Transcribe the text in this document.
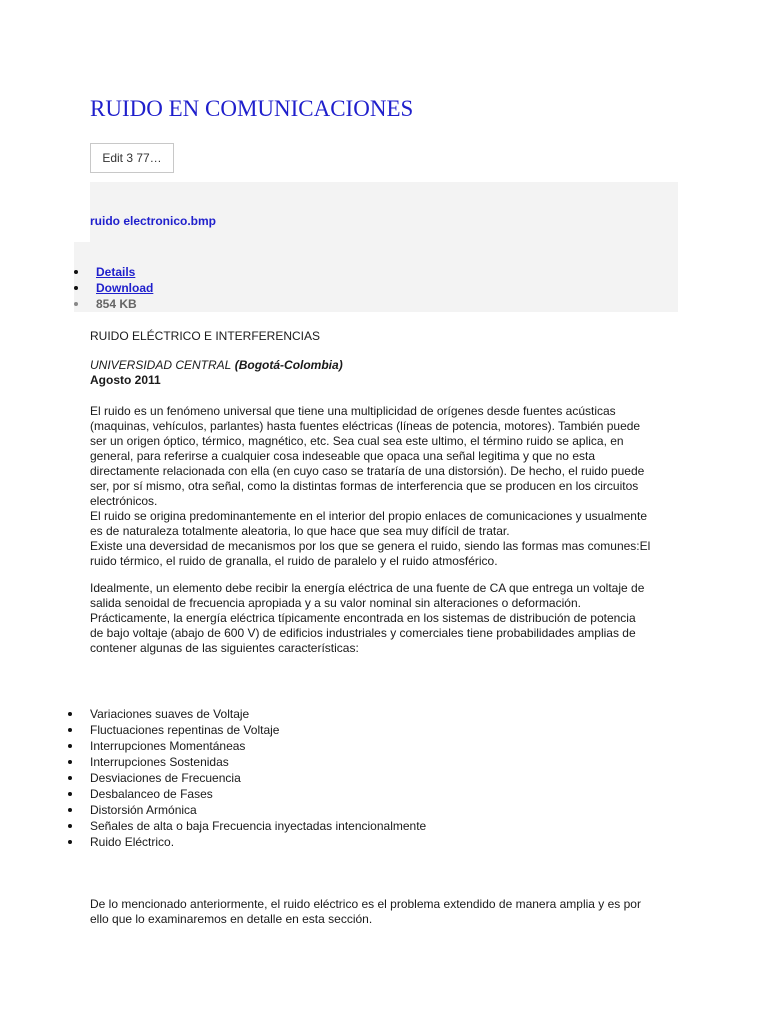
RUIDO EN COMUNICACIONES
Edit 3 77…
ruido electronico.bmp
Details
Download
854 KB

RUIDO ELÉCTRICO E INTERFERENCIAS

UNIVERSIDAD CENTRAL (Bogotá-Colombia)
Agosto 2011

El ruido es un fenómeno universal que tiene una multiplicidad de orígenes desde fuentes acústicas
(maquinas, vehículos, parlantes) hasta fuentes eléctricas (líneas de potencia, motores). También puede
ser un origen óptico, térmico, magnético, etc. Sea cual sea este ultimo, el término ruido se aplica, en
general, para referirse a cualquier cosa indeseable que opaca una señal legitima y que no esta
directamente relacionada con ella (en cuyo caso se trataría de una distorsión). De hecho, el ruido puede
ser, por sí mismo, otra señal, como la distintas formas de interferencia que se producen en los circuitos
electrónicos.
El ruido se origina predominantemente en el interior del propio enlaces de comunicaciones y usualmente
es de naturaleza totalmente aleatoria, lo que hace que sea muy difícil de tratar.
Existe una deversidad de mecanismos por los que se genera el ruido, siendo las formas mas comunes:El
ruido térmico, el ruido de granalla, el ruido de paralelo y el ruido atmosférico.

Idealmente, un elemento debe recibir la energía eléctrica de una fuente de CA que entrega un voltaje de
salida senoidal de frecuencia apropiada y a su valor nominal sin alteraciones o deformación.
Prácticamente, la energía eléctrica típicamente encontrada en los sistemas de distribución de potencia
de bajo voltaje (abajo de 600 V) de edificios industriales y comerciales tiene probabilidades amplias de
contener algunas de las siguientes características:

Variaciones suaves de Voltaje
Fluctuaciones repentinas de Voltaje
Interrupciones Momentáneas
Interrupciones Sostenidas
Desviaciones de Frecuencia
Desbalanceo de Fases
Distorsión Armónica
Señales de alta o baja Frecuencia inyectadas intencionalmente
Ruido Eléctrico.

De lo mencionado anteriormente, el ruido eléctrico es el problema extendido de manera amplia y es por
ello que lo examinaremos en detalle en esta sección.
